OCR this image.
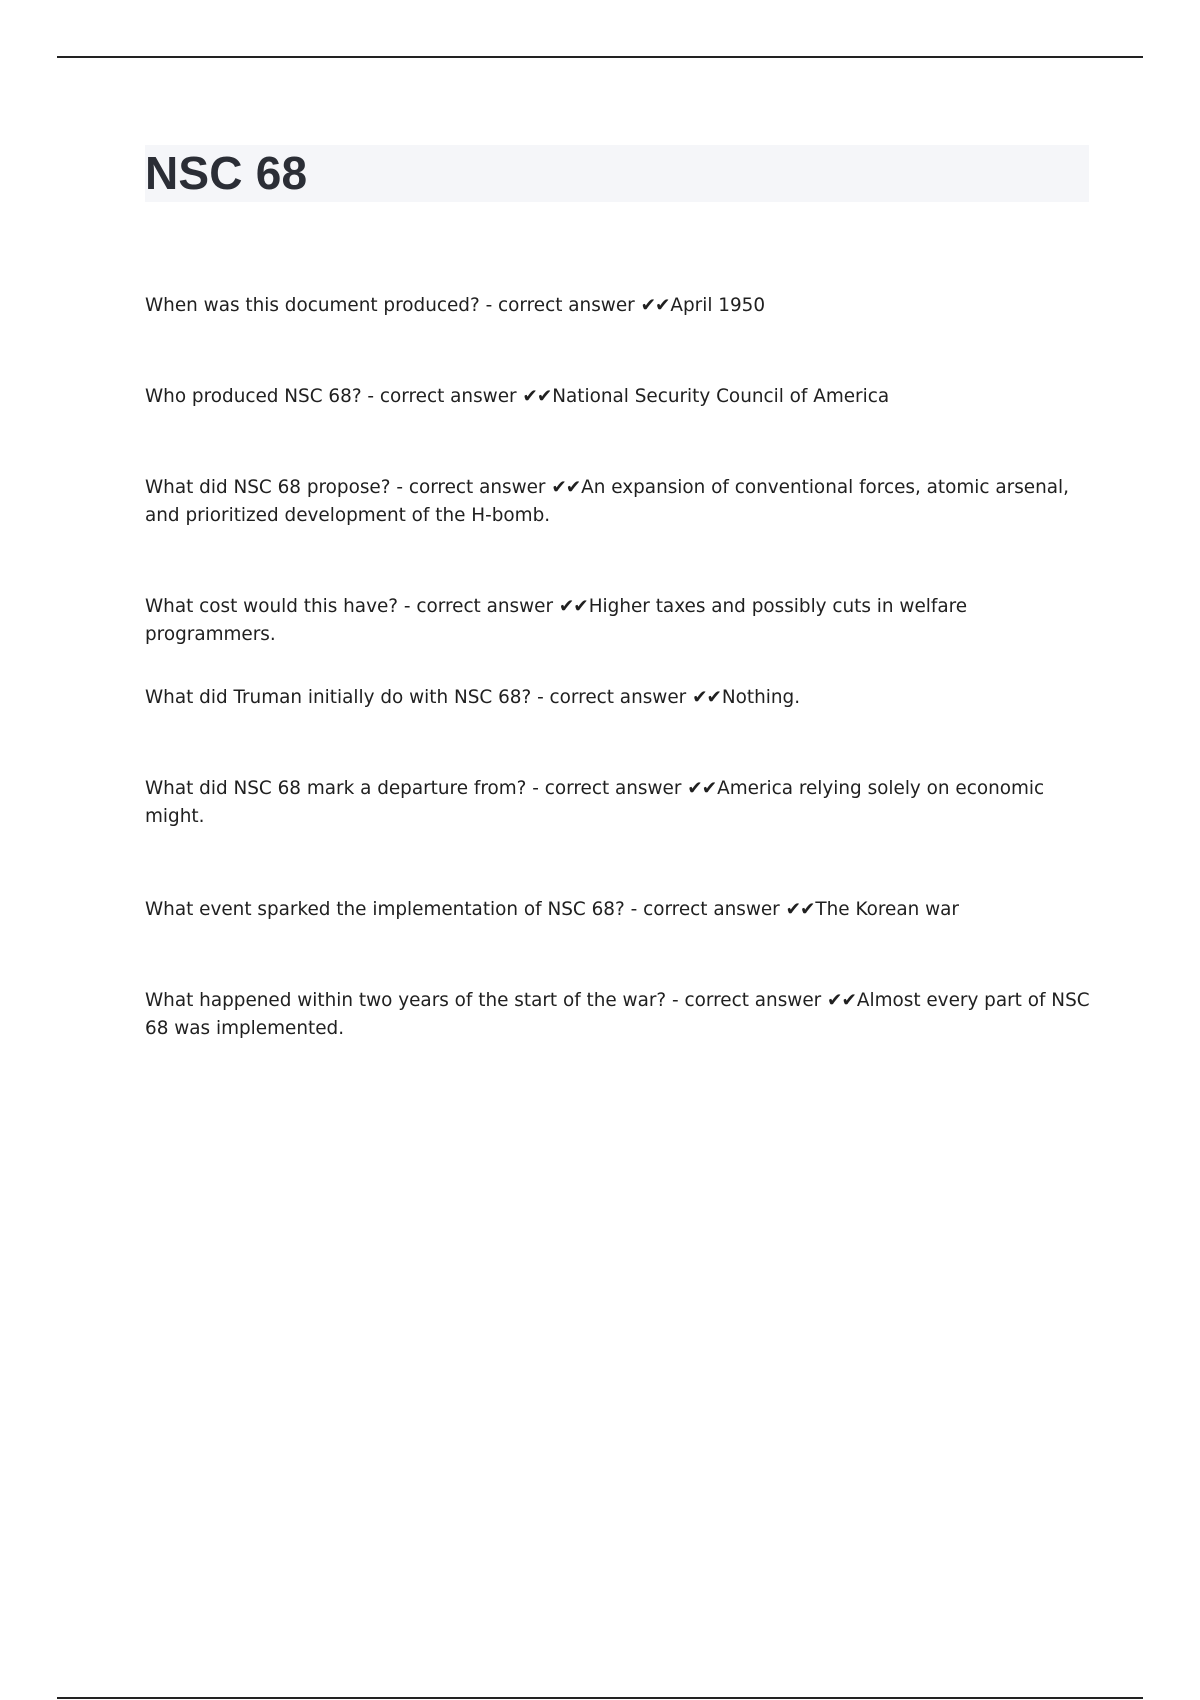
NSC 68

When was this document produced? - correct answer ✔✔April 1950

Who produced NSC 68? - correct answer ✔✔National Security Council of America

What did NSC 68 propose? - correct answer ✔✔An expansion of conventional forces, atomic arsenal, and prioritized development of the H-bomb.

What cost would this have? - correct answer ✔✔Higher taxes and possibly cuts in welfare programmers.

What did Truman initially do with NSC 68? - correct answer ✔✔Nothing.

What did NSC 68 mark a departure from? - correct answer ✔✔America relying solely on economic might.

What event sparked the implementation of NSC 68? - correct answer ✔✔The Korean war

What happened within two years of the start of the war? - correct answer ✔✔Almost every part of NSC 68 was implemented.
